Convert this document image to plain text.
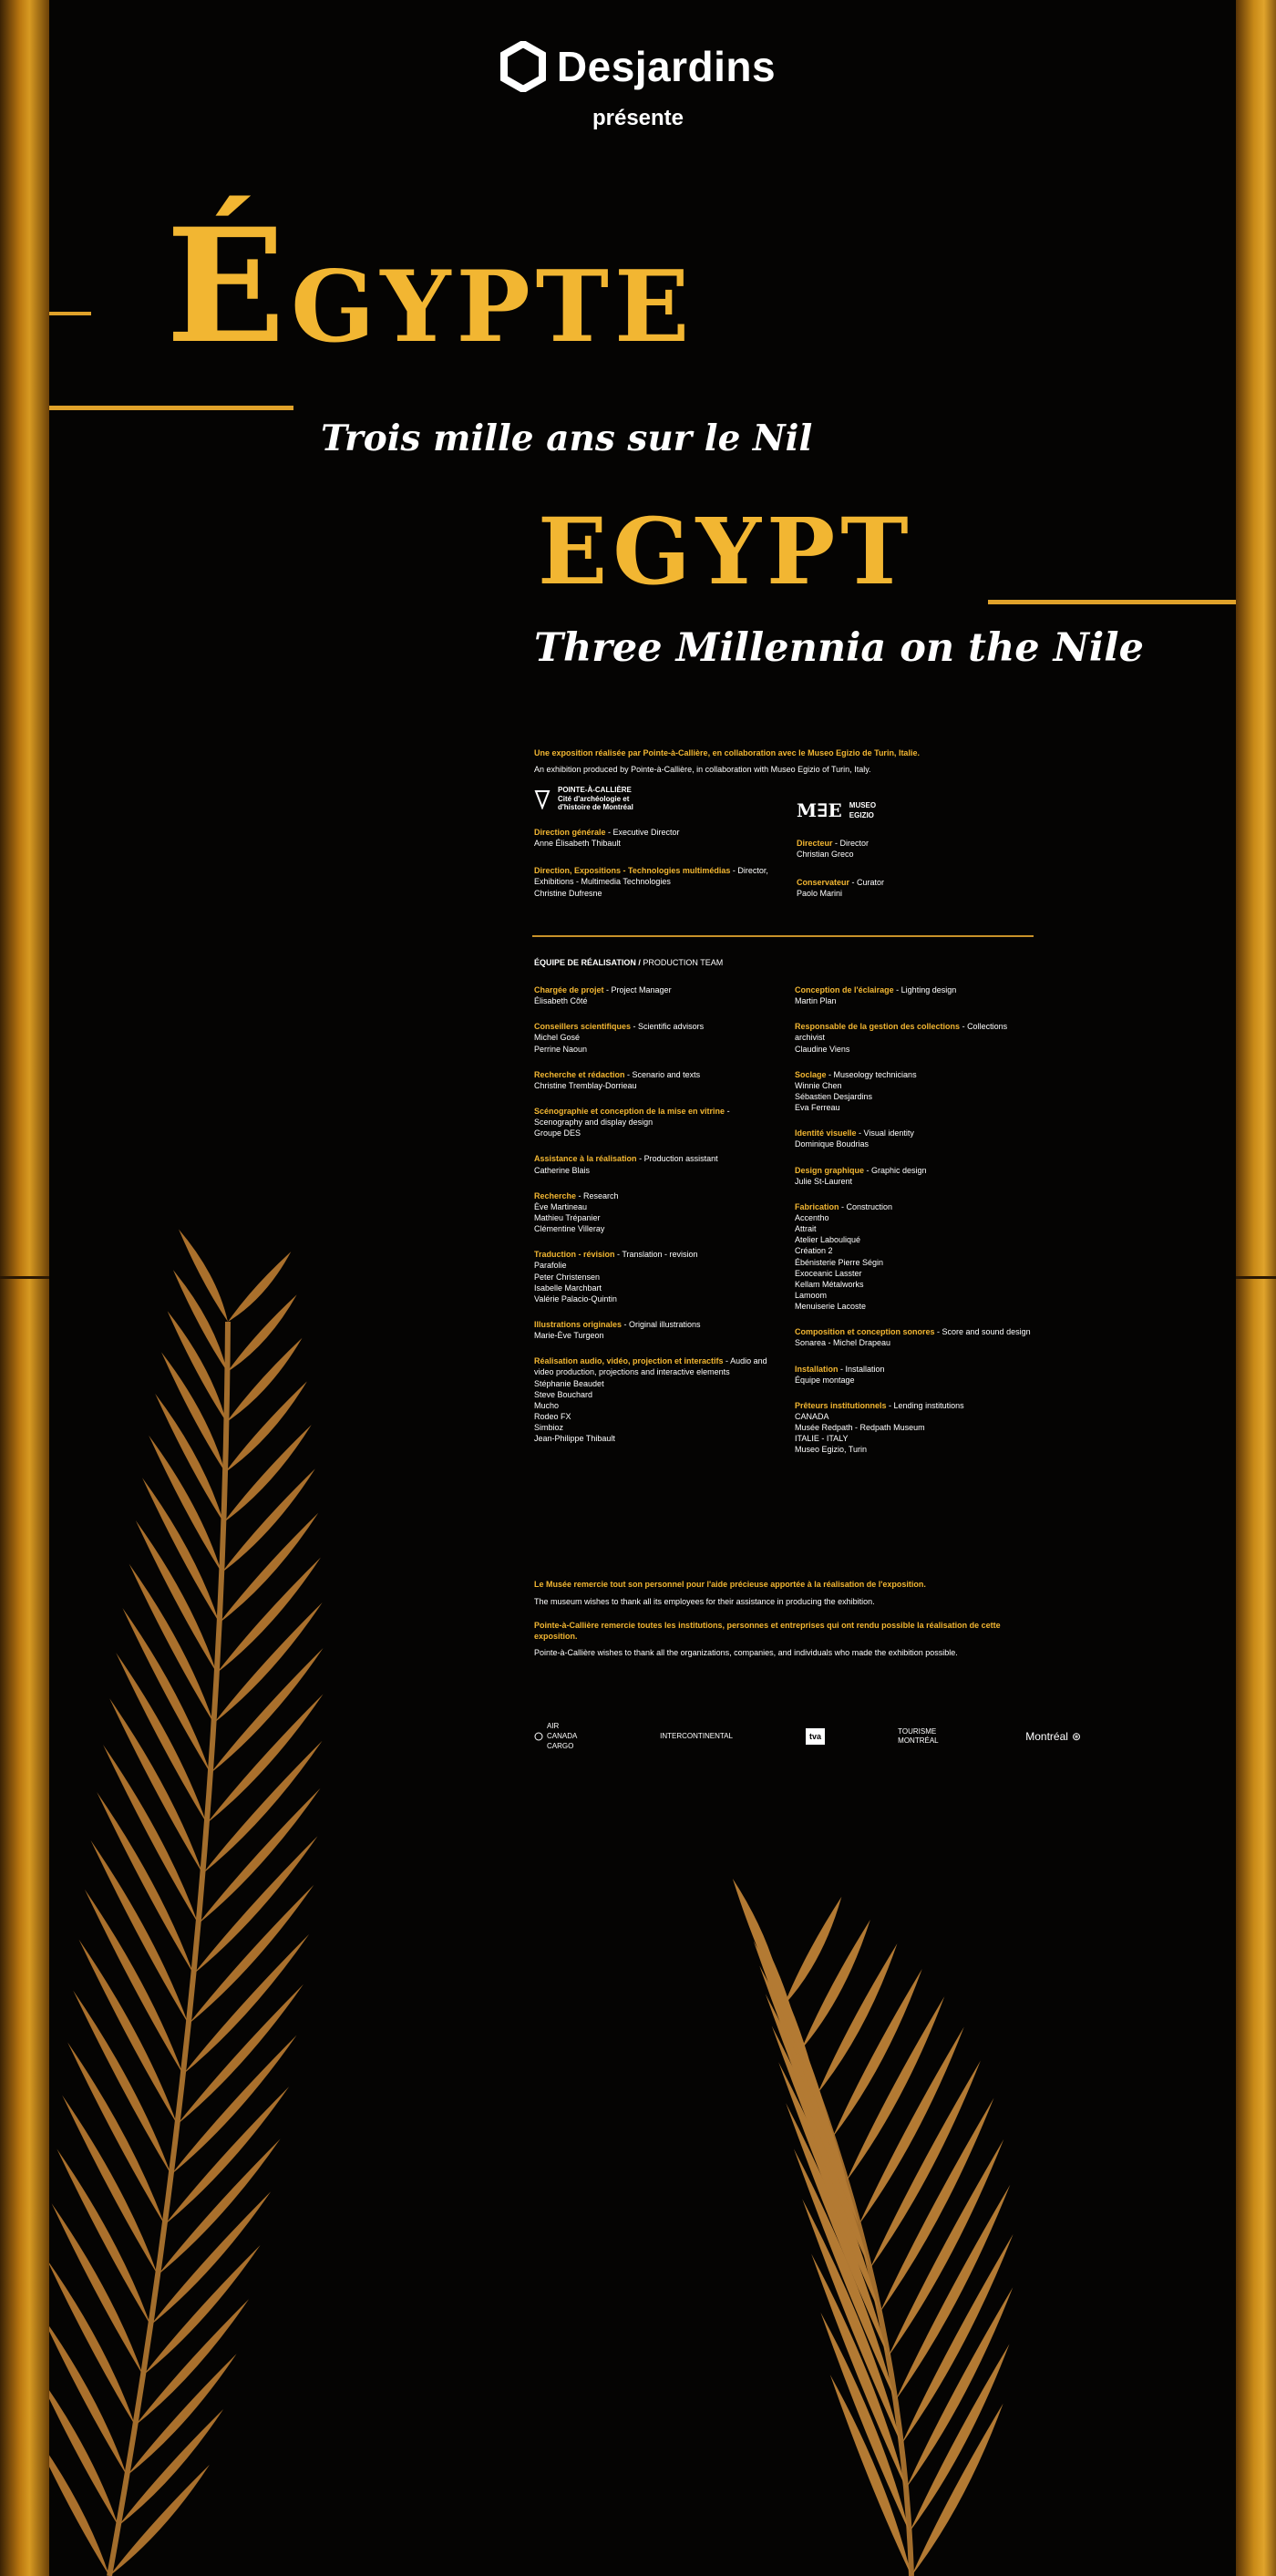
Desjardins
présente
ÉGYPTE
Trois mille ans sur le Nil
EGYPT
Three Millennia on the Nile
Une exposition réalisée par Pointe-à-Callière, en collaboration avec le Museo Egizio de Turin, Italie.
An exhibition produced by Pointe-à-Callière, in collaboration with Museo Egizio of Turin, Italy.
POINTE-À-CALLIÈRE
Cité d'archéologie et
d'histoire de Montréal
Direction générale - Executive Director
Anne Élisabeth Thibault
Direction, Expositions - Technologies multimédias - Director, Exhibitions - Multimedia Technologies
Christine Dufresne
M∃E MUSEO EGIZIO
Directeur - Director
Christian Greco
Conservateur - Curator
Paolo Marini
ÉQUIPE DE RÉALISATION / PRODUCTION TEAM
Chargée de projet - Project Manager
Élisabeth Côté
Conseillers scientifiques - Scientific advisors
Michel Gosé
Perrine Naoun
Recherche et rédaction - Scenario and texts
Christine Tremblay-Dorrieau
Scénographie et conception de la mise en vitrine - Scenography and display design
Groupe DES
Assistance à la réalisation - Production assistant
Catherine Blais
Recherche - Research
Ève Martineau
Mathieu Trépanier
Clémentine Villeray
Traduction - révision - Translation - revision
Parafolie
Peter Christensen
Isabelle Marchbart
Valérie Palacio-Quintin
Illustrations originales - Original illustrations
Marie-Ève Turgeon
Réalisation audio, vidéo, projection et interactifs - Audio and video production, projections and interactive elements
Stéphanie Beaudet
Steve Bouchard
Mucho
Rodeo FX
Simbioz
Jean-Philippe Thibault
Conception de l'éclairage - Lighting design
Martin Plan
Responsable de la gestion des collections - Collections archivist
Claudine Viens
Soclage - Museology technicians
Winnie Chen
Sébastien Desjardins
Eva Ferreau
Identité visuelle - Visual identity
Dominique Boudrias
Design graphique - Graphic design
Julie St-Laurent
Fabrication - Construction
Accentho
Attrait
Atelier Labouliqué
Création 2
Ébénisterie Pierre Ségin
Exoceanic Lasster
Kellam Métalworks
Lamoom
Menuiserie Lacoste
Composition et conception sonores - Score and sound design
Sonarea - Michel Drapeau
Installation - Installation
Équipe montage
Prêteurs institutionnels - Lending institutions
CANADA
Musée Redpath - Redpath Museum
ITALIE - ITALY
Museo Egizio, Turin
Le Musée remercie tout son personnel pour l'aide précieuse apportée à la réalisation de l'exposition.
The museum wishes to thank all its employees for their assistance in producing the exhibition.
Pointe-à-Callière remercie toutes les institutions, personnes et entreprises qui ont rendu possible la réalisation de cette exposition.
Pointe-à-Callière wishes to thank all the organizations, companies, and individuals who made the exhibition possible.
AIR CANADA CARGO
INTERCONTINENTAL	tva
TOURISME MONTRÉAL	Montréal ⊛
